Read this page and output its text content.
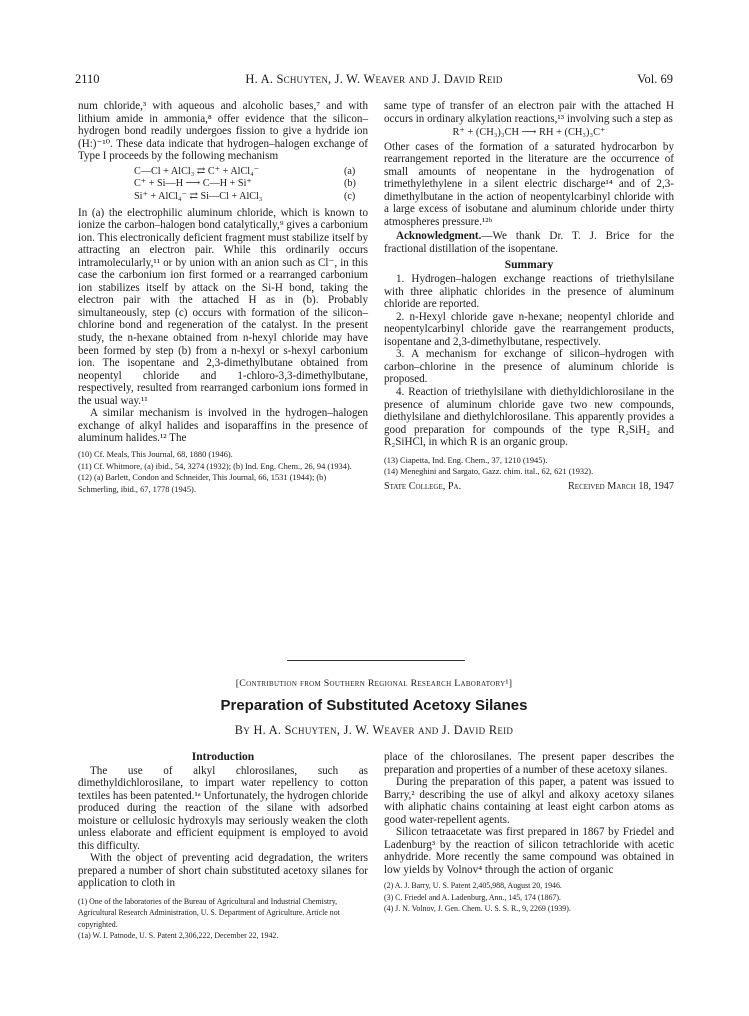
2110	H. A. Schuyten, J. W. Weaver and J. David Reid	Vol. 69

num chloride,³ with aqueous and alcoholic bases,⁷ and with lithium amide in ammonia,⁸ offer evidence that the silicon–hydrogen bond readily undergoes fission to give a hydride ion (H:)⁻¹⁰. These data indicate that hydrogen–halogen exchange of Type I proceeds by the following mechanism

C—Cl + AlCl₃ ⇄ C⁺ + AlCl₄⁻	(a)
C⁺ + Si—H ⟶ C—H + Si⁺	(b)
Si⁺ + AlCl₄⁻ ⇄ Si—Cl + AlCl₃	(c)

In (a) the electrophilic aluminum chloride, which is known to ionize the carbon–halogen bond catalytically,⁹ gives a carbonium ion. This electronically deficient fragment must stabilize itself by attracting an electron pair. While this ordinarily occurs intramolecularly,¹¹ or by union with an anion such as Cl⁻, in this case the carbonium ion first formed or a rearranged carbonium ion stabilizes itself by attack on the Si-H bond, taking the electron pair with the attached H as in (b). Probably simultaneously, step (c) occurs with formation of the silicon–chlorine bond and regeneration of the catalyst. In the present study, the n-hexane obtained from n-hexyl chloride may have been formed by step (b) from a n-hexyl or s-hexyl carbonium ion. The isopentane and 2,3-dimethylbutane obtained from neopentyl chloride and 1-chloro-3,3-dimethylbutane, respectively, resulted from rearranged carbonium ions formed in the usual way.¹¹

A similar mechanism is involved in the hydrogen–halogen exchange of alkyl halides and isoparaffins in the presence of aluminum halides.¹² The

(10) Cf. Meals, This Journal, 68, 1880 (1946).

(11) Cf. Whitmore, (a) ibid., 54, 3274 (1932); (b) Ind. Eng. Chem., 26, 94 (1934).

(12) (a) Barlett, Condon and Schneider, This Journal, 66, 1531 (1944); (b) Schmerling, ibid., 67, 1778 (1945).

same type of transfer of an electron pair with the attached H occurs in ordinary alkylation reactions,¹³ involving such a step as

R⁺ + (CH₃)₃CH ⟶ RH + (CH₃)₃C⁺

Other cases of the formation of a saturated hydrocarbon by rearrangement reported in the literature are the occurrence of small amounts of neopentane in the hydrogenation of trimethylethylene in a silent electric discharge¹⁴ and of 2,3-dimethylbutane in the action of neopentylcarbinyl chloride with a large excess of isobutane and aluminum chloride under thirty atmospheres pressure.¹²ᵇ

Acknowledgment.—We thank Dr. T. J. Brice for the fractional distillation of the isopentane.

Summary

1. Hydrogen–halogen exchange reactions of triethylsilane with three aliphatic chlorides in the presence of aluminum chloride are reported.

2. n-Hexyl chloride gave n-hexane; neopentyl chloride and neopentylcarbinyl chloride gave the rearrangement products, isopentane and 2,3-dimethylbutane, respectively.

3. A mechanism for exchange of silicon–hydrogen with carbon–chlorine in the presence of aluminum chloride is proposed.

4. Reaction of triethylsilane with diethyldichlorosilane in the presence of aluminum chloride gave two new compounds, diethylsilane and diethylchlorosilane. This apparently provides a good preparation for compounds of the type R₂SiH₂ and R₂SiHCl, in which R is an organic group.

(13) Ciapetta, Ind. Eng. Chem., 37, 1210 (1945).

(14) Meneghini and Sargato, Gazz. chim. ital., 62, 621 (1932).

State College, Pa.	Received March 18, 1947
[Contribution from Southern Regional Research Laboratory¹]
Preparation of Substituted Acetoxy Silanes
By H. A. Schuyten, J. W. Weaver and J. David Reid
Introduction

The use of alkyl chlorosilanes, such as dimethyldichlorosilane, to impart water repellency to cotton textiles has been patented.¹ᵃ Unfortunately, the hydrogen chloride produced during the reaction of the silane with adsorbed moisture or cellulosic hydroxyls may seriously weaken the cloth unless elaborate and efficient equipment is employed to avoid this difficulty.

With the object of preventing acid degradation, the writers prepared a number of short chain substituted acetoxy silanes for application to cloth in

(1) One of the laboratories of the Bureau of Agricultural and Industrial Chemistry, Agricultural Research Administration, U. S. Department of Agriculture. Article not copyrighted.

(1a) W. I. Patnode, U. S. Patent 2,306,222, December 22, 1942.

place of the chlorosilanes. The present paper describes the preparation and properties of a number of these acetoxy silanes.

During the preparation of this paper, a patent was issued to Barry,² describing the use of alkyl and alkoxy acetoxy silanes with aliphatic chains containing at least eight carbon atoms as good water-repellent agents.

Silicon tetraacetate was first prepared in 1867 by Friedel and Ladenburg³ by the reaction of silicon tetrachloride with acetic anhydride. More recently the same compound was obtained in low yields by Volnov⁴ through the action of organic

(2) A. J. Barry, U. S. Patent 2,405,988, August 20, 1946.

(3) C. Friedel and A. Ladenburg, Ann., 145, 174 (1867).

(4) J. N. Volnov, J. Gen. Chem. U. S. S. R., 9, 2269 (1939).
